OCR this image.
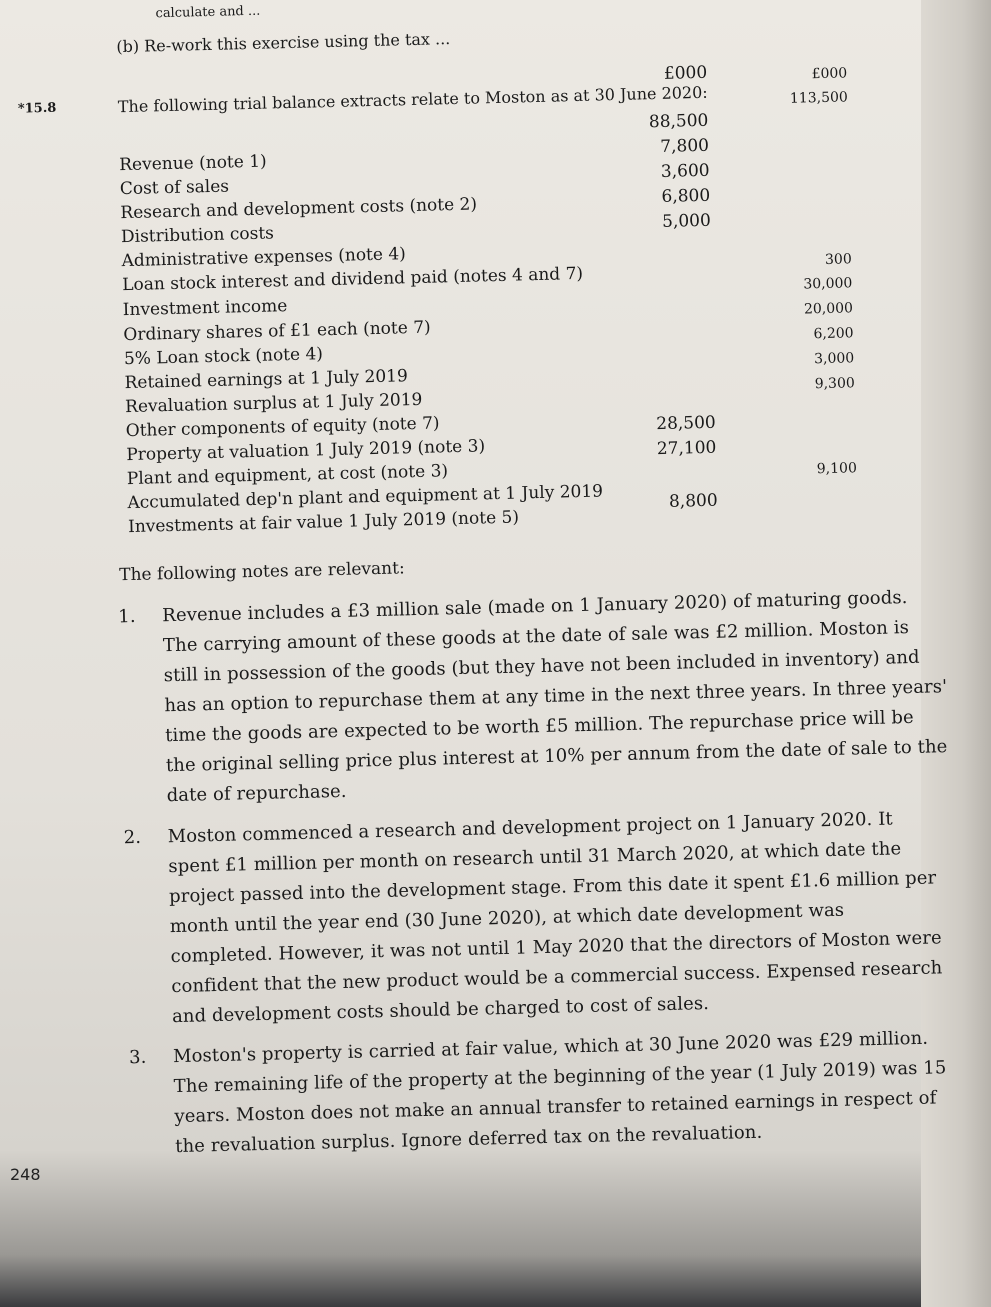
calculate and ...
(b) Re-work this exercise using the tax ...
*15.8	The following trial balance extracts relate to Moston as at 30 June 2020:
£000	£000
Revenue (note 1)
113,500
Cost of sales
88,500
Research and development costs (note 2)
7,800
Distribution costs
3,600
Administrative expenses (note 4)
6,800
Loan stock interest and dividend paid (notes 4 and 7)
5,000
Investment income
300
Ordinary shares of £1 each (note 7)
30,000
5% Loan stock (note 4)
20,000
Retained earnings at 1 July 2019
6,200
Revaluation surplus at 1 July 2019
3,000
Other components of equity (note 7)
9,300
Property at valuation 1 July 2019 (note 3)
28,500
Plant and equipment, at cost (note 3)
27,100
Accumulated dep'n plant and equipment at 1 July 2019
9,100
Investments at fair value 1 July 2019 (note 5)
8,800
The following notes are relevant:
1. Revenue includes a £3 million sale (made on 1 January 2020) of maturing goods.
The carrying amount of these goods at the date of sale was £2 million. Moston is
still in possession of the goods (but they have not been included in inventory) and
has an option to repurchase them at any time in the next three years. In three years'
time the goods are expected to be worth £5 million. The repurchase price will be
the original selling price plus interest at 10% per annum from the date of sale to the
date of repurchase.
2. Moston commenced a research and development project on 1 January 2020. It
spent £1 million per month on research until 31 March 2020, at which date the
project passed into the development stage. From this date it spent £1.6 million per
month until the year end (30 June 2020), at which date development was
completed. However, it was not until 1 May 2020 that the directors of Moston were
confident that the new product would be a commercial success. Expensed research
and development costs should be charged to cost of sales.
3. Moston's property is carried at fair value, which at 30 June 2020 was £29 million.
The remaining life of the property at the beginning of the year (1 July 2019) was 15
years. Moston does not make an annual transfer to retained earnings in respect of
the revaluation surplus. Ignore deferred tax on the revaluation.
248
